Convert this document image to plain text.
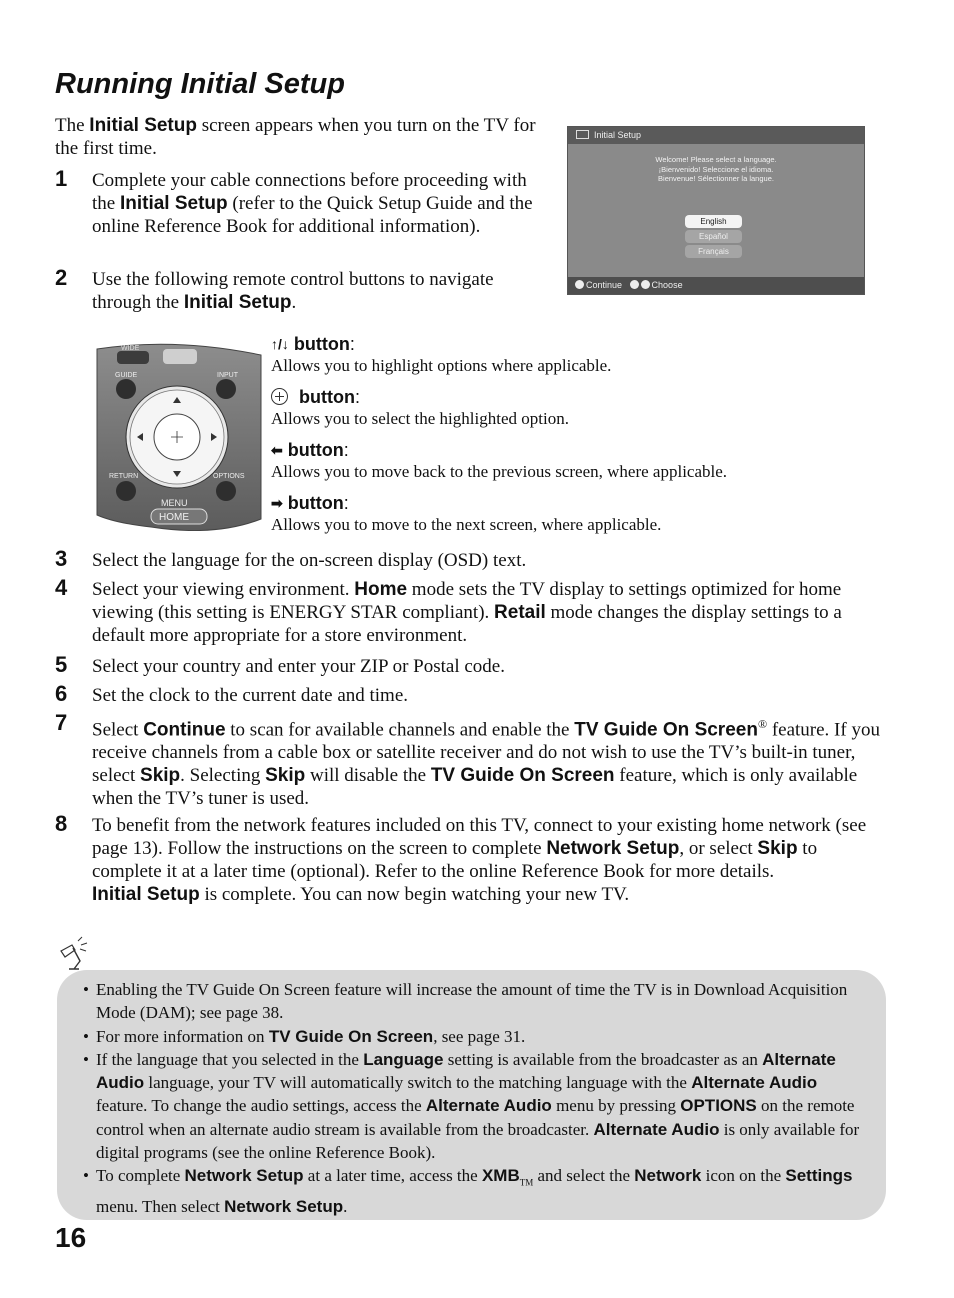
Running Initial Setup
The Initial Setup screen appears when you turn on the TV for the first time.
1 Complete your cable connections before proceeding with the Initial Setup (refer to the Quick Setup Guide and the online Reference Book for additional information).
2 Use the following remote control buttons to navigate through the Initial Setup.
Initial Setup
Welcome! Please select a language.
¡Bienvenido! Seleccione el idioma.
Bienvenue! Sélectionner la langue.
English
Español
Français
Continue	Choose
WIDE
GUIDE	INPUT
RETURN	OPTIONS
MENU
HOME
↑/↓ button:
Allows you to highlight options where applicable.
button:
Allows you to select the highlighted option.
⬅ button:
Allows you to move back to the previous screen, where applicable.
➡ button:
Allows you to move to the next screen, where applicable.
3 Select the language for the on-screen display (OSD) text.
4 Select your viewing environment. Home mode sets the TV display to settings optimized for home viewing (this setting is ENERGY STAR compliant). Retail mode changes the display settings to a default more appropriate for a store environment.
5 Select your country and enter your ZIP or Postal code.
6 Set the clock to the current date and time.
7 Select Continue to scan for available channels and enable the TV Guide On Screen® feature. If you receive channels from a cable box or satellite receiver and do not wish to use the TV’s built-in tuner, select Skip. Selecting Skip will disable the TV Guide On Screen feature, which is only available when the TV’s tuner is used.
8 To benefit from the network features included on this TV, connect to your existing home network (see page 13). Follow the instructions on the screen to complete Network Setup, or select Skip to complete it at a later time (optional). Refer to the online Reference Book for more details.
Initial Setup is complete. You can now begin watching your new TV.
• Enabling the TV Guide On Screen feature will increase the amount of time the TV is in Download Acquisition Mode (DAM); see page 38.
• For more information on TV Guide On Screen, see page 31.
• If the language that you selected in the Language setting is available from the broadcaster as an Alternate Audio language, your TV will automatically switch to the matching language with the Alternate Audio feature. To change the audio settings, access the Alternate Audio menu by pressing OPTIONS on the remote control when an alternate audio stream is available from the broadcaster. Alternate Audio is only available for digital programs (see the online Reference Book).
• To complete Network Setup at a later time, access the $XMB_{TM}$ and select the Network icon on the Settings menu. Then select Network Setup.
16
